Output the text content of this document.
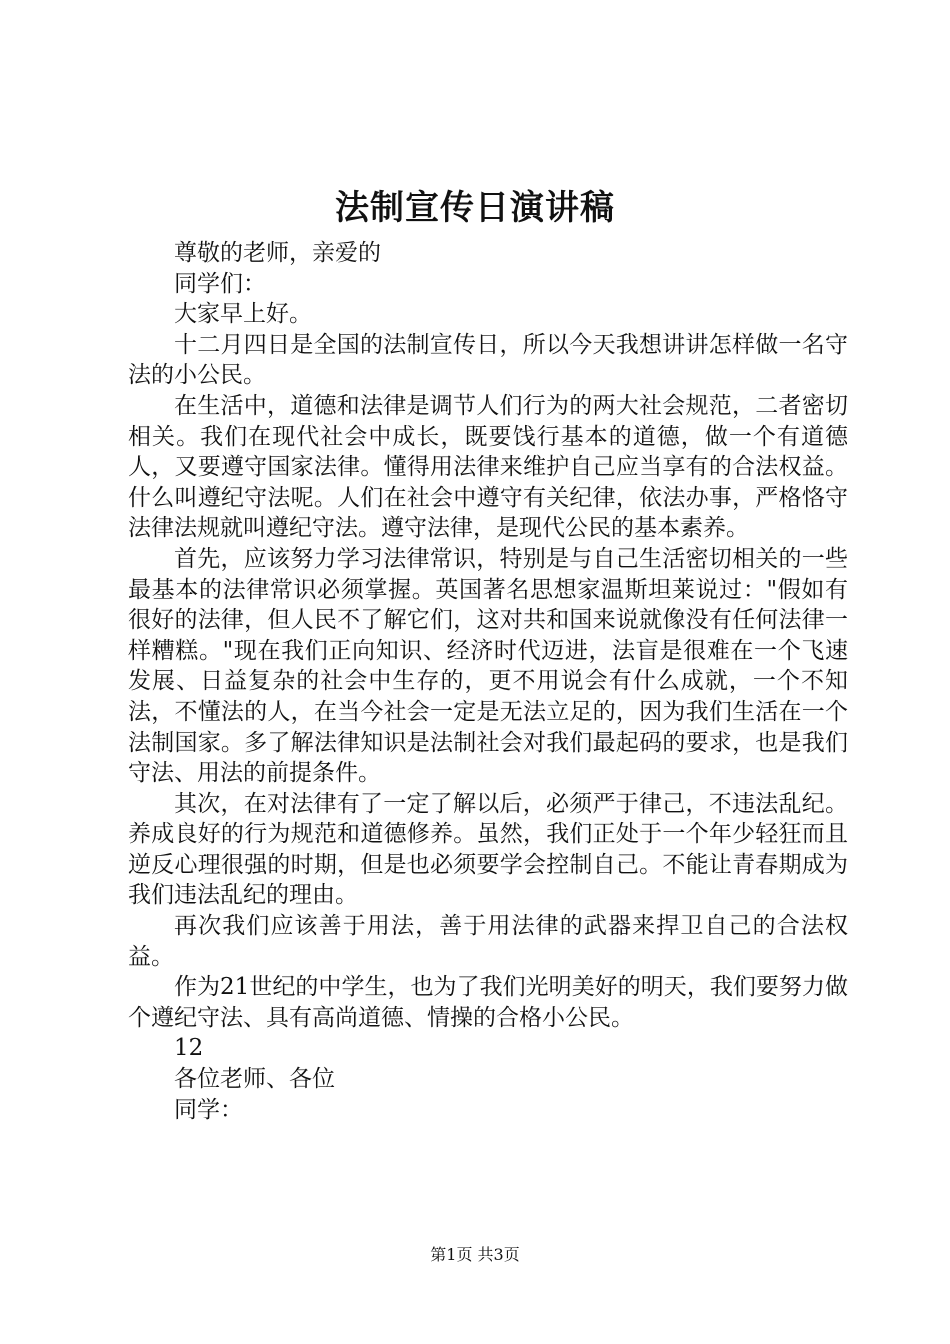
法制宣传日演讲稿

尊敬的老师，亲爱的

同学们：

大家早上好。

十二月四日是全国的法制宣传日，所以今天我想讲讲怎样做一名守法的小公民。

在生活中，道德和法律是调节人们行为的两大社会规范，二者密切相关。我们在现代社会中成长，既要饯行基本的道德，做一个有道德人，又要遵守国家法律。懂得用法律来维护自己应当享有的合法权益。什么叫遵纪守法呢。人们在社会中遵守有关纪律，依法办事，严格恪守法律法规就叫遵纪守法。遵守法律，是现代公民的基本素养。

首先，应该努力学习法律常识，特别是与自己生活密切相关的一些最基本的法律常识必须掌握。英国著名思想家温斯坦莱说过："假如有很好的法律，但人民不了解它们，这对共和国来说就像没有任何法律一样糟糕。"现在我们正向知识、经济时代迈进，法盲是很难在一个飞速发展、日益复杂的社会中生存的，更不用说会有什么成就，一个不知法，不懂法的人，在当今社会一定是无法立足的，因为我们生活在一个法制国家。多了解法律知识是法制社会对我们最起码的要求，也是我们守法、用法的前提条件。

其次，在对法律有了一定了解以后，必须严于律己，不违法乱纪。养成良好的行为规范和道德修养。虽然，我们正处于一个年少轻狂而且逆反心理很强的时期，但是也必须要学会控制自己。不能让青春期成为我们违法乱纪的理由。

再次我们应该善于用法，善于用法律的武器来捍卫自己的合法权益。

作为21世纪的中学生，也为了我们光明美好的明天，我们要努力做个遵纪守法、具有高尚道德、情操的合格小公民。

12

各位老师、各位

同学：

第1页 共3页
